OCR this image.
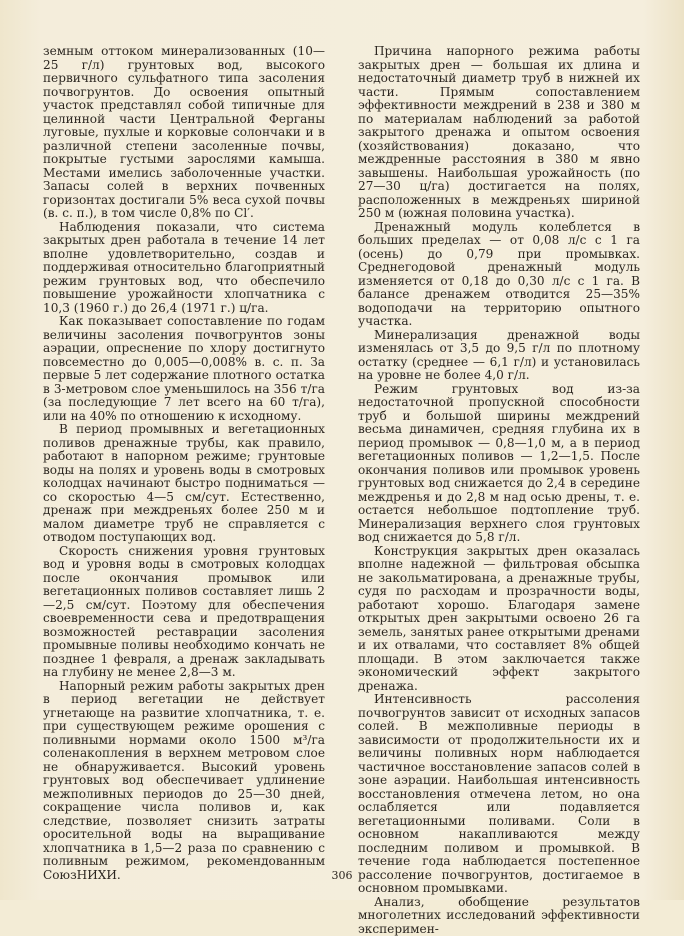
земным оттоком минерализованных (10—25 г/л) грунтовых вод, высокого первичного сульфатного типа засоления почвогрунтов. До освоения опытный участок представлял собой типичные для целинной части Центральной Ферганы луговые, пухлые и корковые солончаки и в различной степени засоленные почвы, покрытые густыми зарослями камыша. Местами имелись заболоченные участки. Запасы солей в верхних почвенных горизонтах достигали 5% веса сухой почвы (в. с. п.), в том числе 0,8% по Cl′.

Наблюдения показали, что система закрытых дрен работала в течение 14 лет вполне удовлетворительно, создав и поддерживая относительно благоприятный режим грунтовых вод, что обеспечило повышение урожайности хлопчатника с 10,3 (1960 г.) до 26,4 (1971 г.) ц/га.

Как показывает сопоставление по годам величины засоления почвогрунтов зоны аэрации, опреснение по хлору достигнуто повсеместно до 0,005—0,008% в. с. п. За первые 5 лет содержание плотного остатка в 3-метровом слое уменьшилось на 356 т/га (за последующие 7 лет всего на 60 т/га), или на 40% по отношению к исходному.

В период промывных и вегетационных поливов дренажные трубы, как правило, работают в напорном режиме; грунтовые воды на полях и уровень воды в смотровых колодцах начинают быстро подниматься — со скоростью 4—5 см/сут. Естественно, дренаж при междреньях более 250 м и малом диаметре труб не справляется с отводом поступающих вод.

Скорость снижения уровня грунтовых вод и уровня воды в смотровых колодцах после окончания промывок или вегетационных поливов составляет лишь 2—2,5 см/сут. Поэтому для обеспечения своевременности сева и предотвращения возможностей реставрации засоления промывные поливы необходимо кончать не позднее 1 февраля, а дренаж закладывать на глубину не менее 2,8—3 м.

Напорный режим работы закрытых дрен в период вегетации не действует угнетающе на развитие хлопчатника, т. е. при существующем режиме орошения с поливными нормами около 1500 м³/га соленакопления в верхнем метровом слое не обнаруживается. Высокий уровень грунтовых вод обеспечивает удлинение межполивных периодов до 25—30 дней, сокращение числа поливов и, как следствие, позволяет снизить затраты оросительной воды на выращивание хлопчатника в 1,5—2 раза по сравнению с поливным режимом, рекомендованным СоюзНИХИ.

Причина напорного режима работы закрытых дрен — большая их длина и недостаточный диаметр труб в нижней их части. Прямым сопоставлением эффективности междрений в 238 и 380 м по материалам наблюдений за работой закрытого дренажа и опытом освоения (хозяйствования) доказано, что междренные расстояния в 380 м явно завышены. Наибольшая урожайность (по 27—30 ц/га) достигается на полях, расположенных в междреньях шириной 250 м (южная половина участка).

Дренажный модуль колеблется в больших пределах — от 0,08 л/с с 1 га (осень) до 0,79 при промывках. Среднегодовой дренажный модуль изменяется от 0,18 до 0,30 л/с с 1 га. В балансе дренажем отводится 25—35% водоподачи на территорию опытного участка.

Минерализация дренажной воды изменялась от 3,5 до 9,5 г/л по плотному остатку (среднее — 6,1 г/л) и установилась на уровне не более 4,0 г/л.

Режим грунтовых вод из-за недостаточной пропускной способности труб и большой ширины междрений весьма динамичен, средняя глубина их в период промывок — 0,8—1,0 м, а в период вегетационных поливов — 1,2—1,5. После окончания поливов или промывок уровень грунтовых вод снижается до 2,4 в середине междренья и до 2,8 м над осью дрены, т. е. остается небольшое подтопление труб. Минерализация верхнего слоя грунтовых вод снижается до 5,8 г/л.

Конструкция закрытых дрен оказалась вполне надежной — фильтровая обсыпка не закольматирована, а дренажные трубы, судя по расходам и прозрачности воды, работают хорошо. Благодаря замене открытых дрен закрытыми освоено 26 га земель, занятых ранее открытыми дренами и их отвалами, что составляет 8% общей площади. В этом заключается также экономический эффект закрытого дренажа.

Интенсивность рассоления почвогрунтов зависит от исходных запасов солей. В межполивные периоды в зависимости от продолжительности их и величины поливных норм наблюдается частичное восстановление запасов солей в зоне аэрации. Наибольшая интенсивность восстановления отмечена летом, но она ослабляется или подавляется вегетационными поливами. Соли в основном накапливаются между последним поливом и промывкой. В течение года наблюдается постепенное рассоление почвогрунтов, достигаемое в основном промывками.

Анализ, обобщение результатов многолетних исследований эффективности эксперимен-

306
